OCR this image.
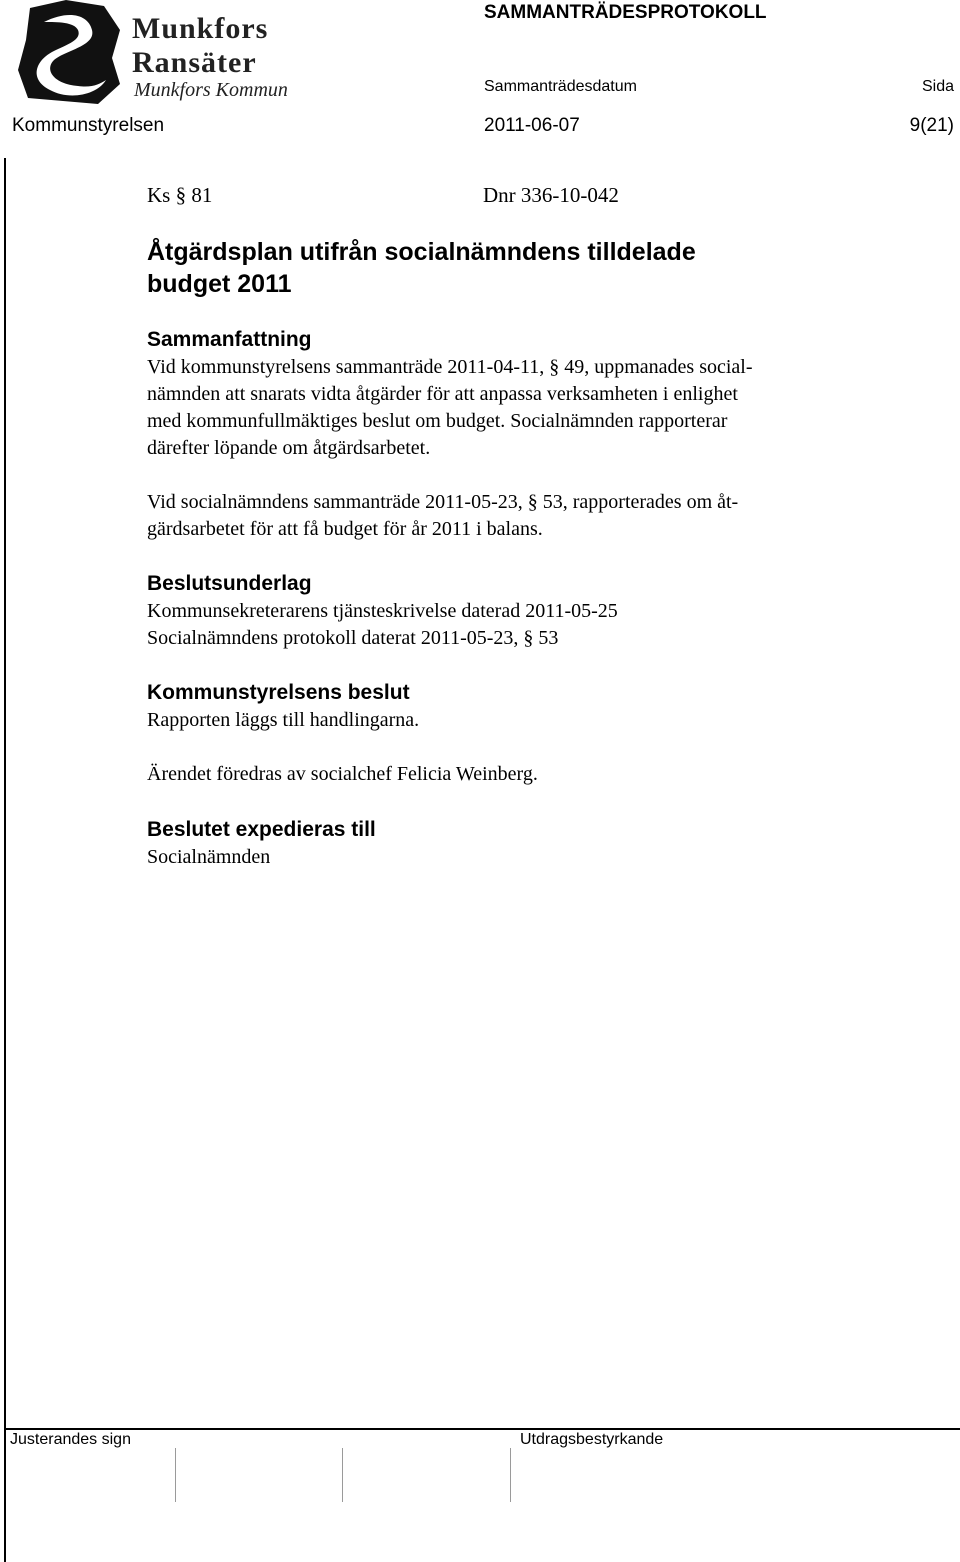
Munkfors
Ransäter
Munkfors Kommun
SAMMANTRÄDESPROTOKOLL
Sammanträdesdatum	Sida
Kommunstyrelsen	2011-06-07	9(21)
Ks § 81	Dnr 336-10-042
Åtgärdsplan utifrån socialnämndens tilldelade
budget 2011
Sammanfattning

Vid kommunstyrelsens sammanträde 2011-04-11, § 49, uppmanades social-
nämnden att snarats vidta åtgärder för att anpassa verksamheten i enlighet
med kommunfullmäktiges beslut om budget. Socialnämnden rapporterar
därefter löpande om åtgärdsarbetet.

Vid socialnämndens sammanträde 2011-05-23, § 53, rapporterades om åt-
gärdsarbetet för att få budget för år 2011 i balans.

Beslutsunderlag

Kommunsekreterarens tjänsteskrivelse daterad 2011-05-25
Socialnämndens protokoll daterat 2011-05-23, § 53

Kommunstyrelsens beslut

Rapporten läggs till handlingarna.

Ärendet föredras av socialchef Felicia Weinberg.

Beslutet expedieras till

Socialnämnden

Justerandes sign	Utdragsbestyrkande
